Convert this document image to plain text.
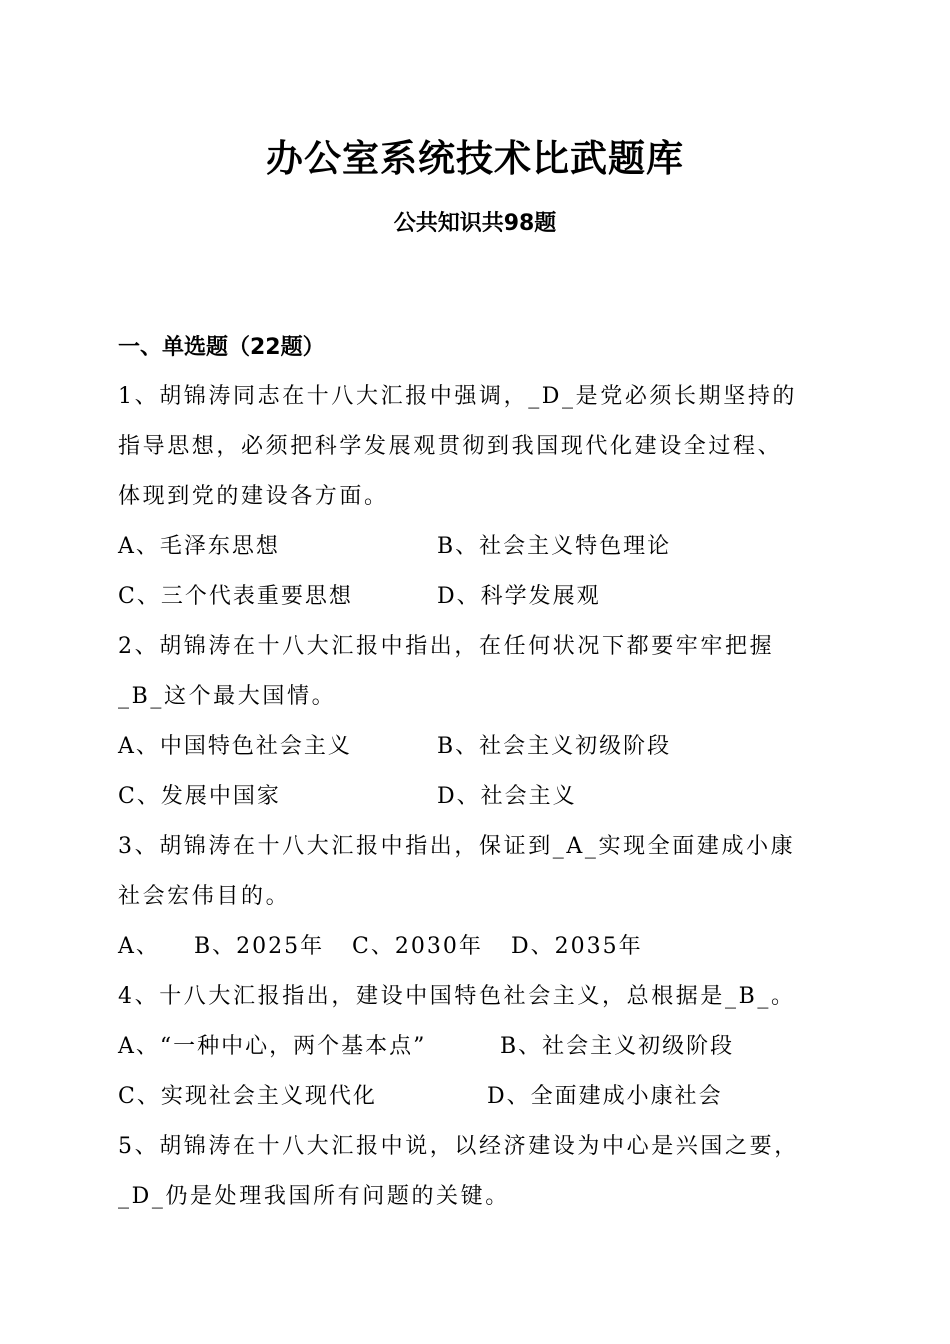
办公室系统技术比武题库
公共知识共98题
一、单选题（22题）
1、胡锦涛同志在十八大汇报中强调，_D_是党必须长期坚持的
指导思想，必须把科学发展观贯彻到我国现代化建设全过程、
体现到党的建设各方面。
A、毛泽东思想	B、社会主义特色理论
C、三个代表重要思想	D、科学发展观
2、胡锦涛在十八大汇报中指出，在任何状况下都要牢牢把握
_B_这个最大国情。
A、中国特色社会主义	B、社会主义初级阶段
C、发展中国家	D、社会主义
3、胡锦涛在十八大汇报中指出，保证到_A_实现全面建成小康
社会宏伟目的。
A、 B、2025年 C、2030年 D、2035年
4、十八大汇报指出，建设中国特色社会主义，总根据是_B_。
A、“一种中心，两个基本点”	B、社会主义初级阶段
C、实现社会主义现代化	D、全面建成小康社会
5、胡锦涛在十八大汇报中说，以经济建设为中心是兴国之要，
_D_仍是处理我国所有问题的关键。
